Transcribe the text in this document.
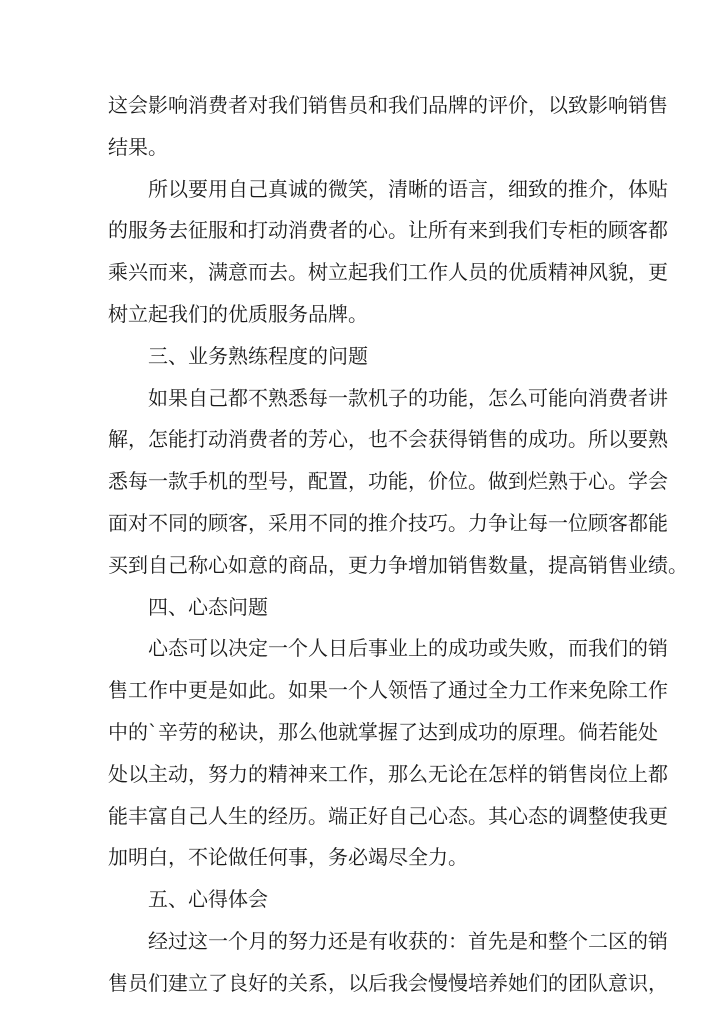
这会影响消费者对我们销售员和我们品牌的评价，以致影响销售
结果。
所以要用自己真诚的微笑，清晰的语言，细致的推介，体贴
的服务去征服和打动消费者的心。让所有来到我们专柜的顾客都
乘兴而来，满意而去。树立起我们工作人员的优质精神风貌，更
树立起我们的优质服务品牌。
三、业务熟练程度的问题
如果自己都不熟悉每一款机子的功能，怎么可能向消费者讲
解，怎能打动消费者的芳心，也不会获得销售的成功。所以要熟
悉每一款手机的型号，配置，功能，价位。做到烂熟于心。学会
面对不同的顾客，采用不同的推介技巧。力争让每一位顾客都能
买到自己称心如意的商品，更力争增加销售数量，提高销售业绩。
四、心态问题
心态可以决定一个人日后事业上的成功或失败，而我们的销
售工作中更是如此。如果一个人领悟了通过全力工作来免除工作
中的`辛劳的秘诀，那么他就掌握了达到成功的原理。倘若能处
处以主动，努力的精神来工作，那么无论在怎样的销售岗位上都
能丰富自己人生的经历。端正好自己心态。其心态的调整使我更
加明白，不论做任何事，务必竭尽全力。
五、心得体会
经过这一个月的努力还是有收获的：首先是和整个二区的销
售员们建立了良好的关系，以后我会慢慢培养她们的团队意识，
